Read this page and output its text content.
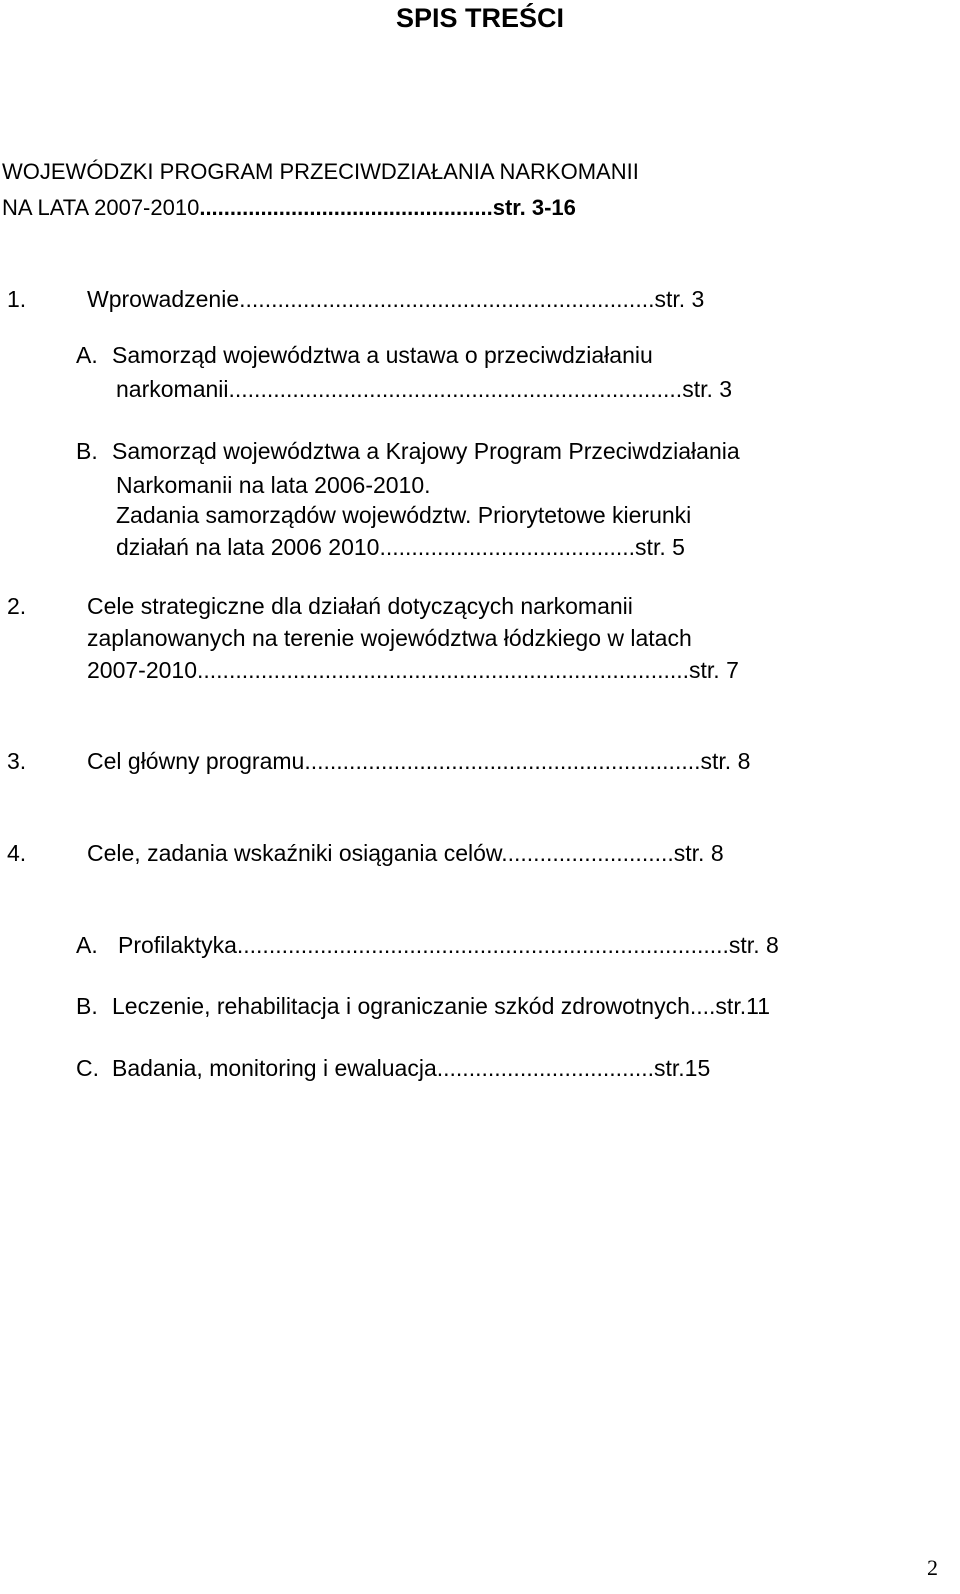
SPIS TREŚCI
WOJEWÓDZKI PROGRAM PRZECIWDZIAŁANIA NARKOMANII
NA LATA 2007-2010................................................str. 3-16
1.	Wprowadzenie.................................................................str. 3
A. Samorząd województwa a ustawa o przeciwdziałaniu
narkomanii.......................................................................str. 3
B. Samorząd województwa a Krajowy Program Przeciwdziałania
Narkomanii na lata 2006-2010.
Zadania samorządów województw. Priorytetowe kierunki
działań na lata 2006 2010........................................str. 5
2.	Cele strategiczne dla działań dotyczących narkomanii
zaplanowanych na terenie województwa łódzkiego w latach
2007-2010.............................................................................str. 7
3.	Cel główny programu..............................................................str. 8
4.	Cele, zadania wskaźniki osiągania celów...........................str. 8
A. Profilaktyka.............................................................................str. 8
B. Leczenie, rehabilitacja i ograniczanie szkód zdrowotnych....str.11
C. Badania, monitoring i ewaluacja..................................str.15
2
